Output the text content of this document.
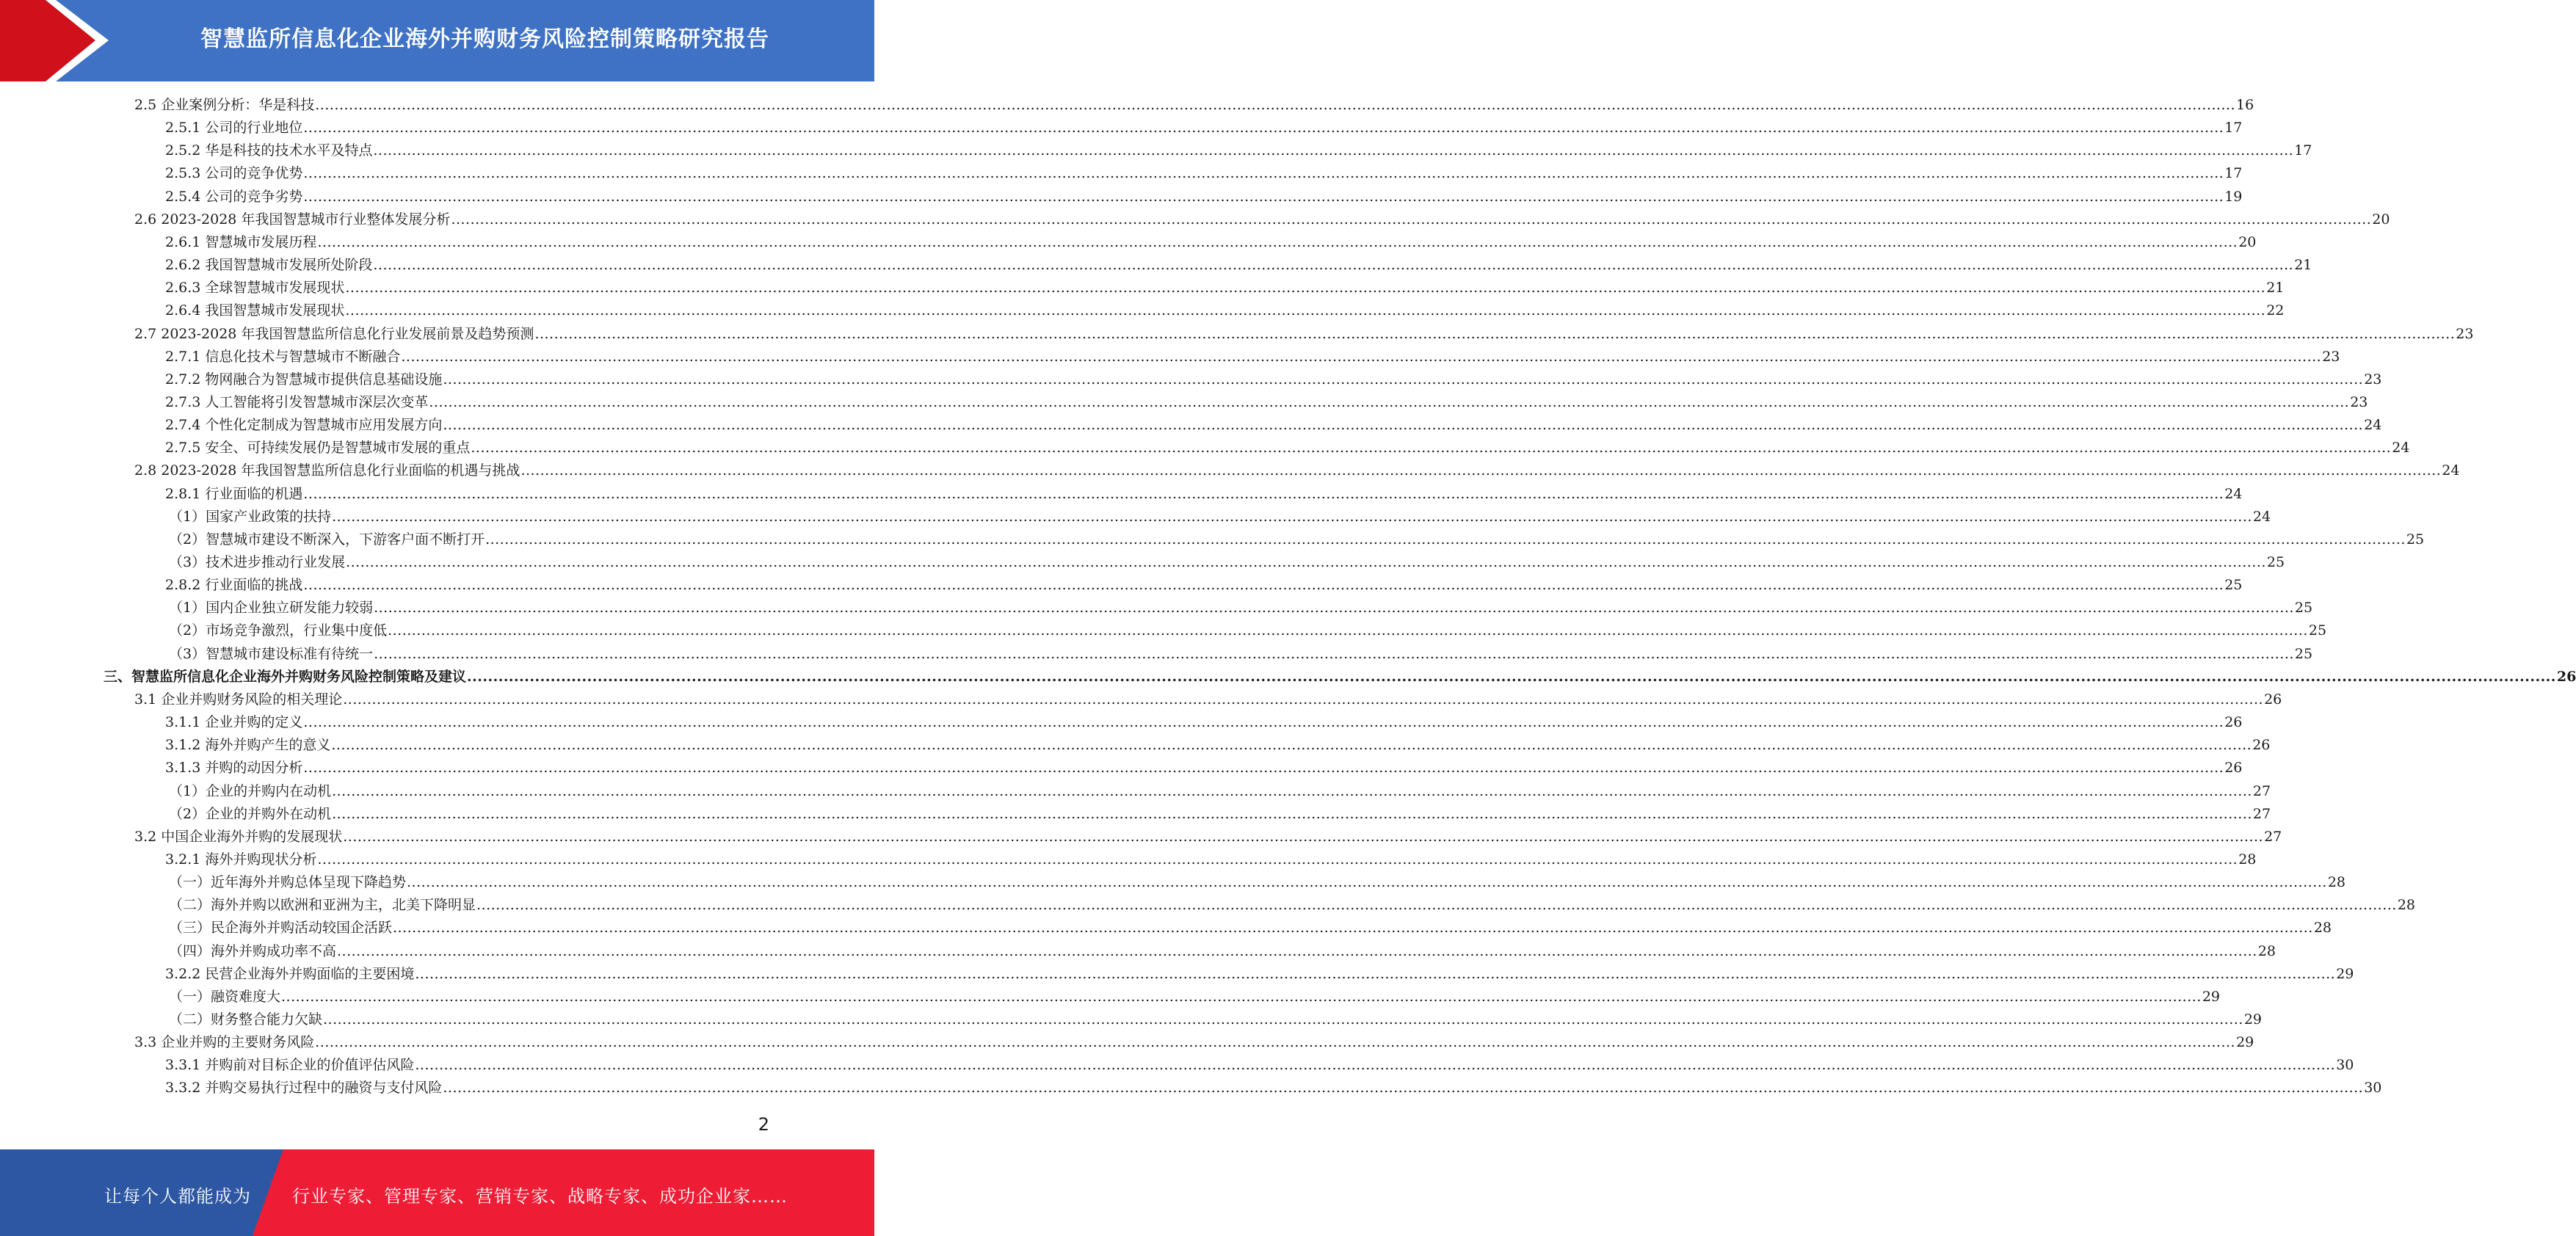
智慧监所信息化企业海外并购财务风险控制策略研究报告
2.5 企业案例分析：华是科技 ................................................................................................................................................................................................................................................................................................................................................................................................................ 16
2.5.1 公司的行业地位 ................................................................................................................................................................................................................................................................................................................................................................................................................ 17
2.5.2 华是科技的技术水平及特点 ................................................................................................................................................................................................................................................................................................................................................................................................................ 17
2.5.3 公司的竞争优势 ................................................................................................................................................................................................................................................................................................................................................................................................................ 17
2.5.4 公司的竞争劣势 ................................................................................................................................................................................................................................................................................................................................................................................................................ 19
2.6 2023-2028 年我国智慧城市行业整体发展分析 ................................................................................................................................................................................................................................................................................................................................................................................................................ 20
2.6.1 智慧城市发展历程 ................................................................................................................................................................................................................................................................................................................................................................................................................ 20
2.6.2 我国智慧城市发展所处阶段 ................................................................................................................................................................................................................................................................................................................................................................................................................ 21
2.6.3 全球智慧城市发展现状 ................................................................................................................................................................................................................................................................................................................................................................................................................ 21
2.6.4 我国智慧城市发展现状 ................................................................................................................................................................................................................................................................................................................................................................................................................ 22
2.7 2023-2028 年我国智慧监所信息化行业发展前景及趋势预测 ................................................................................................................................................................................................................................................................................................................................................................................................................ 23
2.7.1 信息化技术与智慧城市不断融合 ................................................................................................................................................................................................................................................................................................................................................................................................................ 23
2.7.2 物网融合为智慧城市提供信息基础设施 ................................................................................................................................................................................................................................................................................................................................................................................................................ 23
2.7.3 人工智能将引发智慧城市深层次变革 ................................................................................................................................................................................................................................................................................................................................................................................................................ 23
2.7.4 个性化定制成为智慧城市应用发展方向 ................................................................................................................................................................................................................................................................................................................................................................................................................ 24
2.7.5 安全、可持续发展仍是智慧城市发展的重点 ................................................................................................................................................................................................................................................................................................................................................................................................................ 24
2.8 2023-2028 年我国智慧监所信息化行业面临的机遇与挑战 ................................................................................................................................................................................................................................................................................................................................................................................................................ 24
2.8.1 行业面临的机遇 ................................................................................................................................................................................................................................................................................................................................................................................................................ 24
（1）国家产业政策的扶持 ................................................................................................................................................................................................................................................................................................................................................................................................................ 24
（2）智慧城市建设不断深入，下游客户面不断打开 ................................................................................................................................................................................................................................................................................................................................................................................................................ 25
（3）技术进步推动行业发展 ................................................................................................................................................................................................................................................................................................................................................................................................................ 25
2.8.2 行业面临的挑战 ................................................................................................................................................................................................................................................................................................................................................................................................................ 25
（1）国内企业独立研发能力较弱 ................................................................................................................................................................................................................................................................................................................................................................................................................ 25
（2）市场竞争激烈，行业集中度低 ................................................................................................................................................................................................................................................................................................................................................................................................................ 25
（3）智慧城市建设标准有待统一 ................................................................................................................................................................................................................................................................................................................................................................................................................ 25
三、智慧监所信息化企业海外并购财务风险控制策略及建议 ................................................................................................................................................................................................................................................................................................................................................................................................................ 26
3.1 企业并购财务风险的相关理论 ................................................................................................................................................................................................................................................................................................................................................................................................................ 26
3.1.1 企业并购的定义 ................................................................................................................................................................................................................................................................................................................................................................................................................ 26
3.1.2 海外并购产生的意义 ................................................................................................................................................................................................................................................................................................................................................................................................................ 26
3.1.3 并购的动因分析 ................................................................................................................................................................................................................................................................................................................................................................................................................ 26
（1）企业的并购内在动机 ................................................................................................................................................................................................................................................................................................................................................................................................................ 27
（2）企业的并购外在动机 ................................................................................................................................................................................................................................................................................................................................................................................................................ 27
3.2 中国企业海外并购的发展现状 ................................................................................................................................................................................................................................................................................................................................................................................................................ 27
3.2.1 海外并购现状分析 ................................................................................................................................................................................................................................................................................................................................................................................................................ 28
（一）近年海外并购总体呈现下降趋势 ................................................................................................................................................................................................................................................................................................................................................................................................................ 28
（二）海外并购以欧洲和亚洲为主，北美下降明显 ................................................................................................................................................................................................................................................................................................................................................................................................................ 28
（三）民企海外并购活动较国企活跃 ................................................................................................................................................................................................................................................................................................................................................................................................................ 28
（四）海外并购成功率不高 ................................................................................................................................................................................................................................................................................................................................................................................................................ 28
3.2.2 民营企业海外并购面临的主要困境 ................................................................................................................................................................................................................................................................................................................................................................................................................ 29
（一）融资难度大 ................................................................................................................................................................................................................................................................................................................................................................................................................ 29
（二）财务整合能力欠缺 ................................................................................................................................................................................................................................................................................................................................................................................................................ 29
3.3 企业并购的主要财务风险 ................................................................................................................................................................................................................................................................................................................................................................................................................ 29
3.3.1 并购前对目标企业的价值评估风险 ................................................................................................................................................................................................................................................................................................................................................................................................................ 30
3.3.2 并购交易执行过程中的融资与支付风险 ................................................................................................................................................................................................................................................................................................................................................................................................................ 30
2
让每个人都能成为 行业专家、管理专家、营销专家、战略专家、成功企业家……
